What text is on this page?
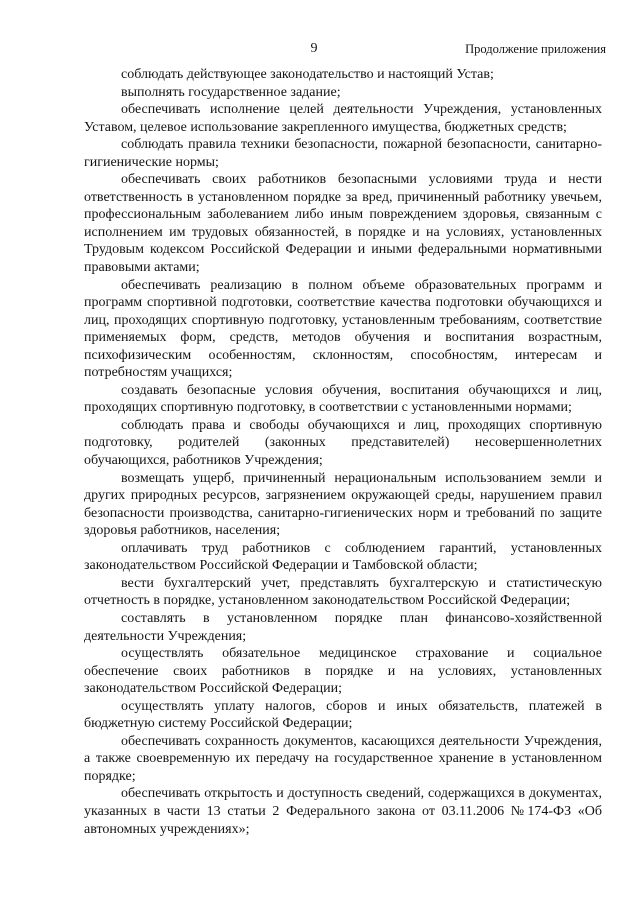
9	Продолжение приложения

соблюдать действующее законодательство и настоящий Устав;

выполнять государственное задание;

обеспечивать исполнение целей деятельности Учреждения, установленных Уставом, целевое использование закрепленного имущества, бюджетных средств;

соблюдать правила техники безопасности, пожарной безопасности, санитарно-гигиенические нормы;

обеспечивать своих работников безопасными условиями труда и нести ответственность в установленном порядке за вред, причиненный работнику увечьем, профессиональным заболеванием либо иным повреждением здоровья, связанным с исполнением им трудовых обязанностей, в порядке и на условиях, установленных Трудовым кодексом Российской Федерации и иными федеральными нормативными правовыми актами;

обеспечивать реализацию в полном объеме образовательных программ и программ спортивной подготовки, соответствие качества подготовки обучающихся и лиц, проходящих спортивную подготовку, установленным требованиям, соответствие применяемых форм, средств, методов обучения и воспитания возрастным, психофизическим особенностям, склонностям, способностям, интересам и потребностям учащихся;

создавать безопасные условия обучения, воспитания обучающихся и лиц, проходящих спортивную подготовку, в соответствии с установленными нормами;

соблюдать права и свободы обучающихся и лиц, проходящих спортивную подготовку, родителей (законных представителей) несовершеннолетних обучающихся, работников Учреждения;

возмещать ущерб, причиненный нерациональным использованием земли и других природных ресурсов, загрязнением окружающей среды, нарушением правил безопасности производства, санитарно-гигиенических норм и требований по защите здоровья работников, населения;

оплачивать труд работников с соблюдением гарантий, установленных законодательством Российской Федерации и Тамбовской области;

вести бухгалтерский учет, представлять бухгалтерскую и статистическую отчетность в порядке, установленном законодательством Российской Федерации;

составлять в установленном порядке план финансово-хозяйственной деятельности Учреждения;

осуществлять обязательное медицинское страхование и социальное обеспечение своих работников в порядке и на условиях, установленных законодательством Российской Федерации;

осуществлять уплату налогов, сборов и иных обязательств, платежей в бюджетную систему Российской Федерации;

обеспечивать сохранность документов, касающихся деятельности Учреждения, а также своевременную их передачу на государственное хранение в установленном порядке;

обеспечивать открытость и доступность сведений, содержащихся в документах, указанных в части 13 статьи 2 Федерального закона от 03.11.2006 №174-ФЗ «Об автономных учреждениях»;
